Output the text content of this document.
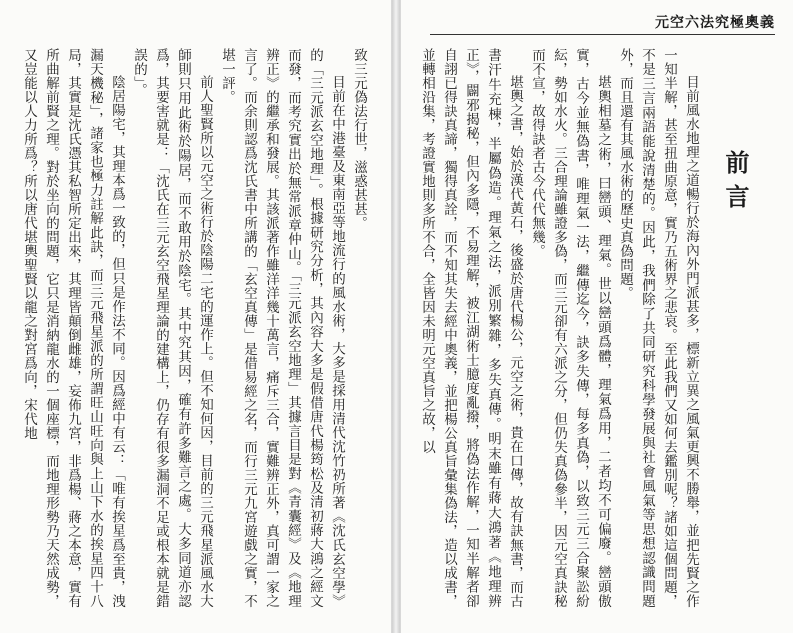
元空六法究極奧義
前言

目前風水地理之道暢行於海內外門派甚多，標新立異之風氣更興不勝舉，並把先賢之作一知半解，甚至扭曲原意，實乃五術界之悲哀。至此我們又如何去鑑別呢？諸如這個問題，不是三言兩語能說清楚的。因此，我們除了共同研究科學發展與社會風氣等思想認識問題外，而且還有其風水術的歷史真偽問題。

堪輿相墓之術，曰巒頭、理氣。世以巒頭爲體，理氣爲用，二者均不可偏廢。巒頭傲實，古今並無偽書，唯理氣一法，繼傳迄今，訣多失傳，每多真偽，以致三元三合聚訟紛紜，勢如水火。三合理論雖證多偽，而三元卻有六派之分，但仍失真偽參半，因元空真訣秘而不宣，故得訣者古今代代無幾。

堪輿之書，始於漢代黃石，後盛於唐代楊公，元空之術，貴在口傳，故有訣無書，而古書汗牛充棟，半屬偽造。理氣之法，派別繁雜，多失真傳。明末雖有蔣大鴻著《地理辨正》，闢邪揭秘，但內多隱，不易理解，被江湖術士臆度亂撥，將偽法作解，一知半解者卻自詡已得訣真諦，獨得真詮，而不知其失去經中奧義，並把楊公真旨彙集偽法，造以成書，並轉相沿集，考證實地則多所不合，全皆因未明元空真旨之故，以

致三元偽法行世，滋惑甚甚。

目前在中港臺及東南亞等地流行的風水術，大多是採用清代沈竹礽所著《沈氏玄空學》的「三元派玄空地理」。根據研究分析，其內容大多是假借唐代楊筠松及清初蔣大鴻之經文而發，而考究實出於無常派章仲山。「三元派玄空地理」其據言目是對《青囊經》及《地理辨正》的繼承和發展。其該派著作雖洋洋幾十萬言，痛斥三合，實難辨正外，真可謂一家之言了。而余則認爲沈氏書中所講的「玄空真傳」是借易經之名，而行三元九宮遊戲之實，不堪一評。

前人聖賢所以元空之術行於陰陽二宅的運作上。但不知何因，目前的三元飛星派風水大師則只用此術於陽居，而不敢用於陰宅。其中究其因，確有許多難言之處。大多同道亦認爲，其要害就是：「沈氏在三元玄空飛星理論的建構上，仍存有很多漏洞不足或根本就是錯誤的」。

陰居陽宅，其理本爲一致的，但只是作法不同。因爲經中有云：「唯有挨星爲至貴，洩漏天機秘」，諸家也極力註解此訣，而三元飛星派的所謂旺山旺向與上山下水的挨星四十八局，其實是沈氏憑其私智所定出來，其理皆顛倒雌雄，妄佈九宮，非爲楊、蔣之本意，實有所曲解前賢之理。對於坐向的問題，它只是消納龍水的一個座標，而地理形勢乃天然成勢，又豈能以人力所爲？所以唐代堪輿聖賢以龍之對宮爲向，宋代地
